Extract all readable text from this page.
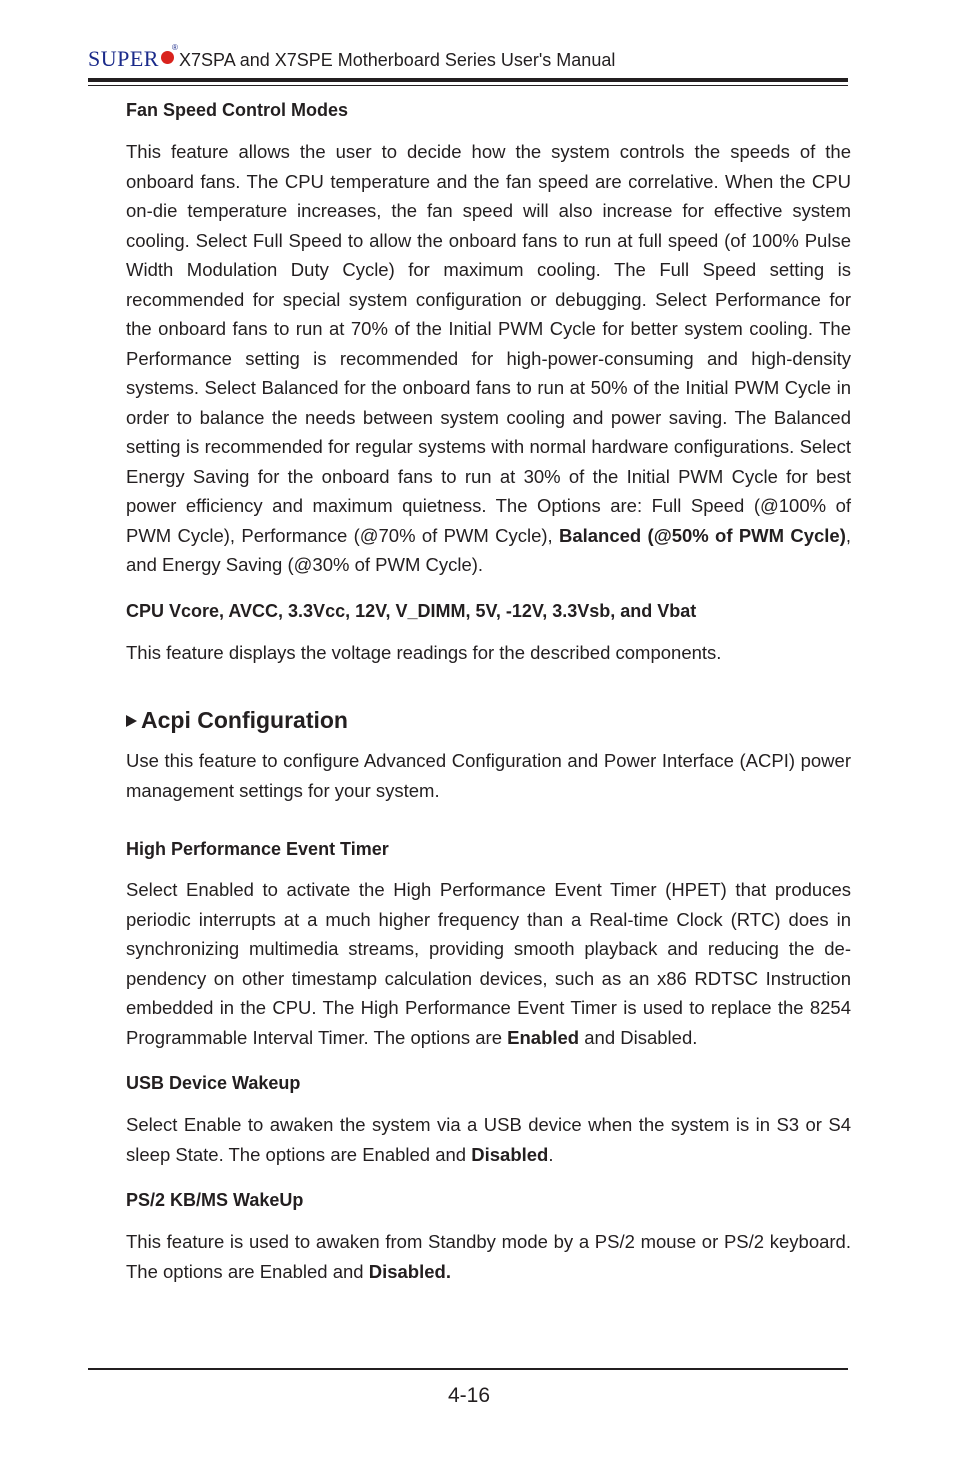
SUPER	®
X7SPA and X7SPE Motherboard Series User's Manual
Fan Speed Control Modes

This feature allows the user to decide how the system controls the speeds of the onboard fans. The CPU temperature and the fan speed are correlative. When the CPU on-die temperature increases, the fan speed will also increase for effective system cooling. Select Full Speed to allow the onboard fans to run at full speed (of 100% Pulse Width Modulation Duty Cycle) for maximum cooling. The Full Speed setting is recommended for special system configuration or debugging. Select Performance for the onboard fans to run at 70% of the Initial PWM Cycle for better system cooling. The Performance setting is recommended for high-power-consuming and high-density systems. Select Balanced for the onboard fans to run at 50% of the Initial PWM Cycle in order to balance the needs between system cooling and power saving. The Balanced setting is recommended for regular systems with normal hardware configurations. Select Energy Saving for the onboard fans to run at 30% of the Initial PWM Cycle for best power efficiency and maximum quietness. The Options are: Full Speed (@100% of PWM Cycle), Performance (@70% of PWM Cycle), Balanced (@50% of PWM Cycle), and Energy Saving (@30% of PWM Cycle).

CPU Vcore, AVCC, 3.3Vcc, 12V, V_DIMM, 5V, -12V, 3.3Vsb, and Vbat

This feature displays the voltage readings for the described components.

Acpi Configuration

Use this feature to configure Advanced Configuration and Power Interface (ACPI) power management settings for your system.

High Performance Event Timer

Select Enabled to activate the High Performance Event Timer (HPET) that produces periodic interrupts at a much higher frequency than a Real-time Clock (RTC) does in synchronizing multimedia streams, providing smooth playback and reducing the dependency on other timestamp calculation devices, such as an x86 RDTSC Instruction embedded in the CPU. The High Performance Event Timer is used to replace the 8254 Programmable Interval Timer. The options are Enabled and Disabled.

USB Device Wakeup

Select Enable to awaken the system via a USB device when the system is in S3 or S4 sleep State. The options are Enabled and Disabled.

PS/2 KB/MS WakeUp

This feature is used to awaken from Standby mode by a PS/2 mouse or PS/2 keyboard. The options are Enabled and Disabled.

4-16
